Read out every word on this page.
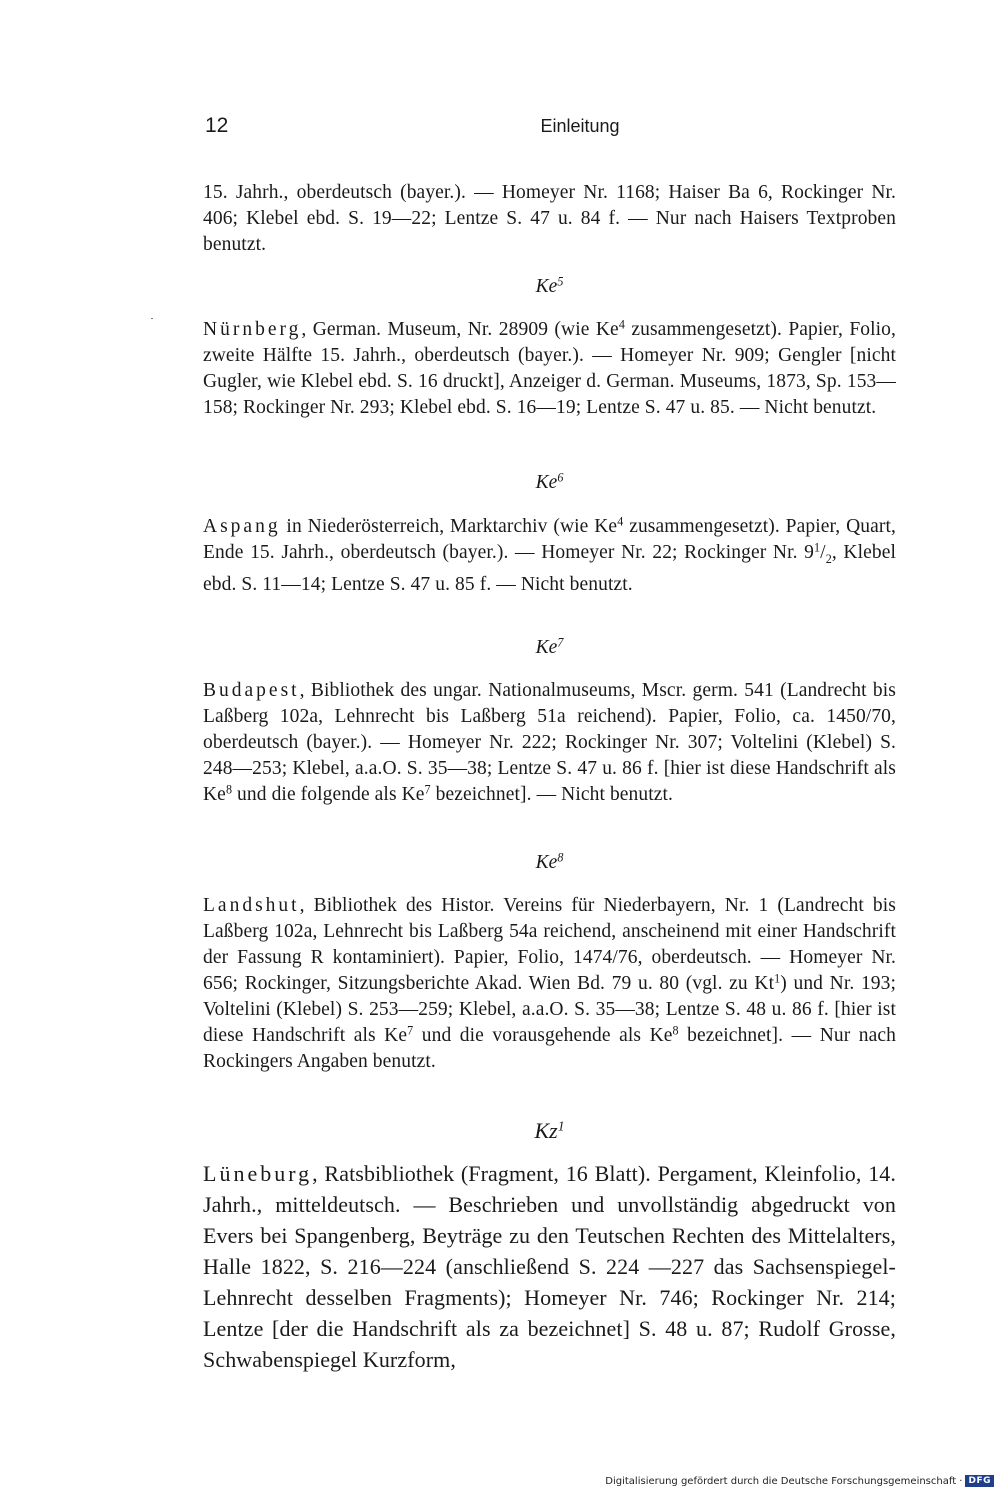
12	Einleitung

15. Jahrh., oberdeutsch (bayer.). — Homeyer Nr. 1168; Haiser Ba 6, Rockinger Nr. 406; Klebel ebd. S. 19—22; Lentze S. 47 u. 84 f. — Nur nach Haisers Textproben benutzt.

Ke$^5$

Nürnberg, German. Museum, Nr. 28909 (wie Ke$^4$ zusammengesetzt). Papier, Folio, zweite Hälfte 15. Jahrh., oberdeutsch (bayer.). — Homeyer Nr. 909; Gengler [nicht Gugler, wie Klebel ebd. S. 16 druckt], Anzeiger d. German. Museums, 1873, Sp. 153—158; Rockinger Nr. 293; Klebel ebd. S. 16—19; Lentze S. 47 u. 85. — Nicht benutzt.

Ke$^6$

Aspang in Niederösterreich, Marktarchiv (wie Ke$^4$ zusammengesetzt). Papier, Quart, Ende 15. Jahrh., oberdeutsch (bayer.). — Homeyer Nr. 22; Rockinger Nr. $9^1/_2$, Klebel ebd. S. 11—14; Lentze S. 47 u. 85 f. — Nicht benutzt.

Ke$^7$

Budapest, Bibliothek des ungar. Nationalmuseums, Mscr. germ. 541 (Landrecht bis Laßberg 102a, Lehnrecht bis Laßberg 51a reichend). Papier, Folio, ca. 1450/70, oberdeutsch (bayer.). — Homeyer Nr. 222; Rockinger Nr. 307; Voltelini (Klebel) S. 248—253; Klebel, a.a.O. S. 35—38; Lentze S. 47 u. 86 f. [hier ist diese Handschrift als Ke$^8$ und die folgende als Ke$^7$ bezeichnet]. — Nicht benutzt.

Ke$^8$

Landshut, Bibliothek des Histor. Vereins für Niederbayern, Nr. 1 (Landrecht bis Laßberg 102a, Lehnrecht bis Laßberg 54a reichend, anscheinend mit einer Handschrift der Fassung R kontaminiert). Papier, Folio, 1474/76, oberdeutsch. — Homeyer Nr. 656; Rockinger, Sitzungsberichte Akad. Wien Bd. 79 u. 80 (vgl. zu Kt$^1$) und Nr. 193; Voltelini (Klebel) S. 253—259; Klebel, a.a.O. S. 35—38; Lentze S. 48 u. 86 f. [hier ist diese Handschrift als Ke$^7$ und die vorausgehende als Ke$^8$ bezeichnet]. — Nur nach Rockingers Angaben benutzt.

Kz$^1$

Lüneburg, Ratsbibliothek (Fragment, 16 Blatt). Pergament, Kleinfolio, 14. Jahrh., mitteldeutsch. — Beschrieben und unvollständig abgedruckt von Evers bei Spangenberg, Beyträge zu den Teutschen Rechten des Mittelalters, Halle 1822, S. 216—224 (anschließend S. 224 —227 das Sachsenspiegel-Lehnrecht desselben Fragments); Homeyer Nr. 746; Rockinger Nr. 214; Lentze [der die Handschrift als za bezeichnet] S. 48 u. 87; Rudolf Grosse, Schwabenspiegel Kurzform,

Digitalisierung gefördert durch die Deutsche Forschungsgemeinschaft · DFG
